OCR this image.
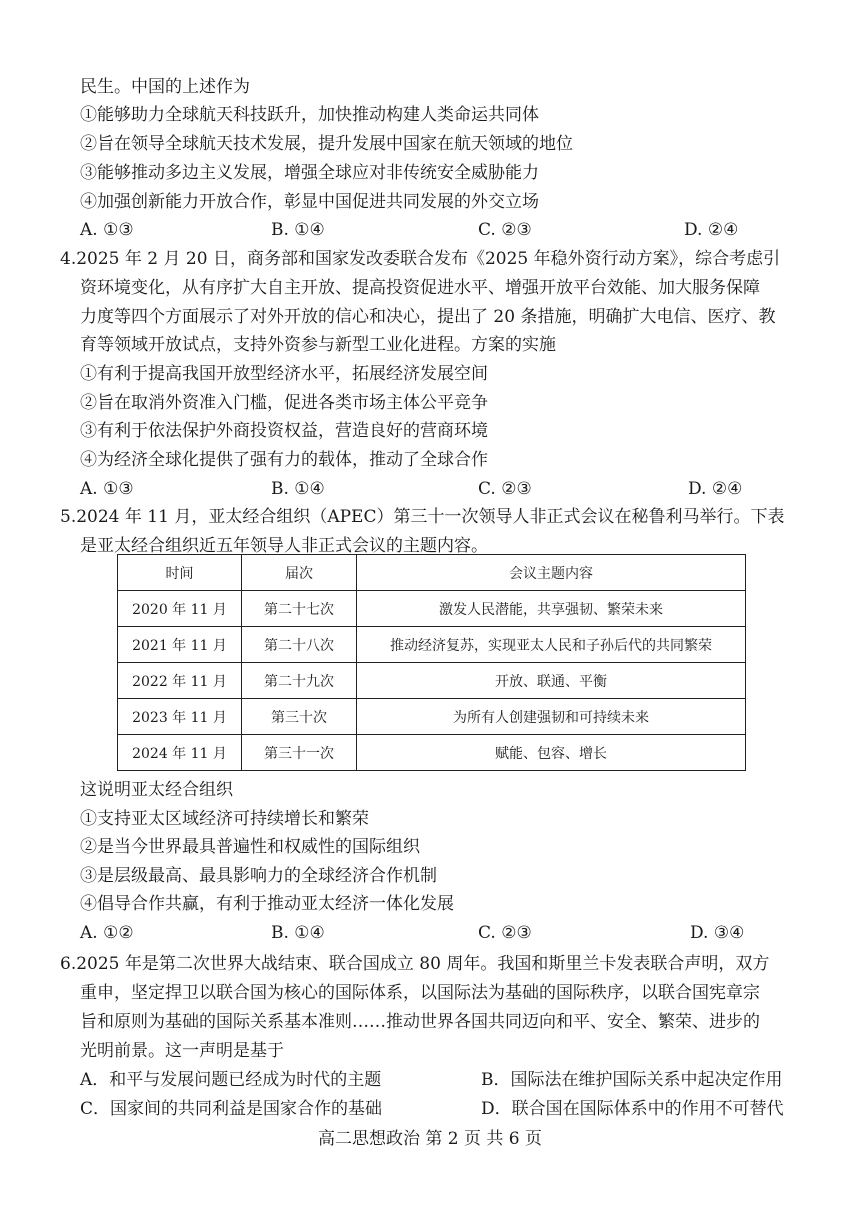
民生。中国的上述作为
①能够助力全球航天科技跃升，加快推动构建人类命运共同体
②旨在领导全球航天技术发展，提升发展中国家在航天领域的地位
③能够推动多边主义发展，增强全球应对非传统安全威胁能力
④加强创新能力开放合作，彰显中国促进共同发展的外交立场
A. ①③	B. ①④	C. ②③	D. ②④
4.2025 年 2 月 20 日，商务部和国家发改委联合发布《2025 年稳外资行动方案》，综合考虑引
资环境变化，从有序扩大自主开放、提高投资促进水平、增强开放平台效能、加大服务保障
力度等四个方面展示了对外开放的信心和决心，提出了 20 条措施，明确扩大电信、医疗、教
育等领域开放试点，支持外资参与新型工业化进程。方案的实施
①有利于提高我国开放型经济水平，拓展经济发展空间
②旨在取消外资准入门槛，促进各类市场主体公平竞争
③有利于依法保护外商投资权益，营造良好的营商环境
④为经济全球化提供了强有力的载体，推动了全球合作
A. ①③	B. ①④	C. ②③	D. ②④
5.2024 年 11 月，亚太经合组织（APEC）第三十一次领导人非正式会议在秘鲁利马举行。下表
是亚太经合组织近五年领导人非正式会议的主题内容。
时间	届次	会议主题内容
2020 年 11 月	第二十七次	激发人民潜能，共享强韧、繁荣未来
2021 年 11 月	第二十八次	推动经济复苏，实现亚太人民和子孙后代的共同繁荣
2022 年 11 月	第二十九次	开放、联通、平衡
2023 年 11 月	第三十次	为所有人创建强韧和可持续未来
2024 年 11 月	第三十一次	赋能、包容、增长
这说明亚太经合组织
①支持亚太区域经济可持续增长和繁荣
②是当今世界最具普遍性和权威性的国际组织
③是层级最高、最具影响力的全球经济合作机制
④倡导合作共赢，有利于推动亚太经济一体化发展
A. ①②	B. ①④	C. ②③	D. ③④
6.2025 年是第二次世界大战结束、联合国成立 80 周年。我国和斯里兰卡发表联合声明，双方
重申，坚定捍卫以联合国为核心的国际体系，以国际法为基础的国际秩序，以联合国宪章宗
旨和原则为基础的国际关系基本准则……推动世界各国共同迈向和平、安全、繁荣、进步的
光明前景。这一声明是基于
A．和平与发展问题已经成为时代的主题	B．国际法在维护国际关系中起决定作用
C．国家间的共同利益是国家合作的基础	D．联合国在国际体系中的作用不可替代
高二思想政治 第 2 页 共 6 页
